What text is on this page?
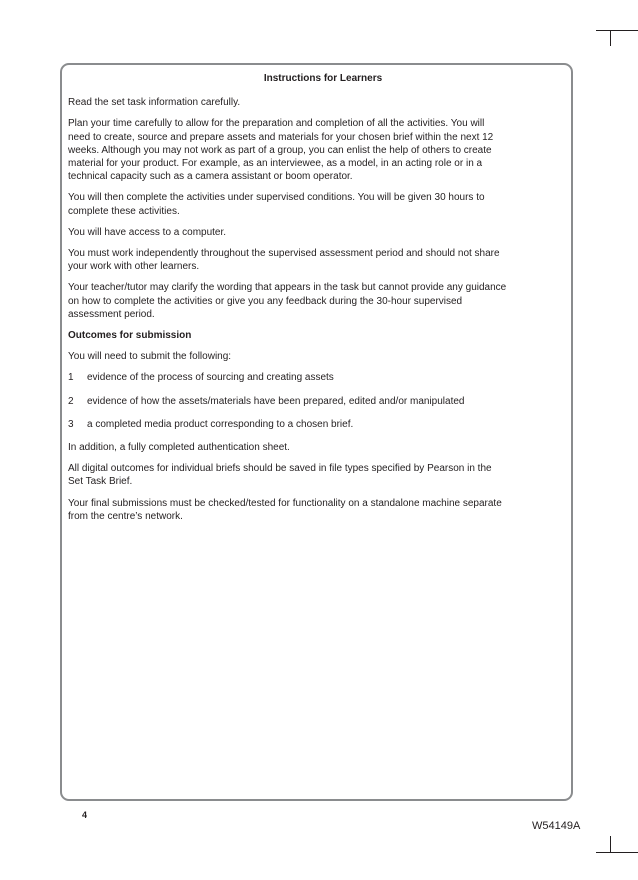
Instructions for Learners

Read the set task information carefully.

Plan your time carefully to allow for the preparation and completion of all the activities. You will need to create, source and prepare assets and materials for your chosen brief within the next 12 weeks. Although you may not work as part of a group, you can enlist the help of others to create material for your product. For example, as an interviewee, as a model, in an acting role or in a technical capacity such as a camera assistant or boom operator.

You will then complete the activities under supervised conditions. You will be given 30 hours to complete these activities.

You will have access to a computer.

You must work independently throughout the supervised assessment period and should not share your work with other learners.

Your teacher/tutor may clarify the wording that appears in the task but cannot provide any guidance on how to complete the activities or give you any feedback during the 30-hour supervised assessment period.

Outcomes for submission

You will need to submit the following:

1	evidence of the process of sourcing and creating assets
2	evidence of how the assets/materials have been prepared, edited and/or manipulated
3	a completed media product corresponding to a chosen brief.

In addition, a fully completed authentication sheet.

All digital outcomes for individual briefs should be saved in file types specified by Pearson in the Set Task Brief.

Your final submissions must be checked/tested for functionality on a standalone machine separate from the centre’s network.

4
W54149A
